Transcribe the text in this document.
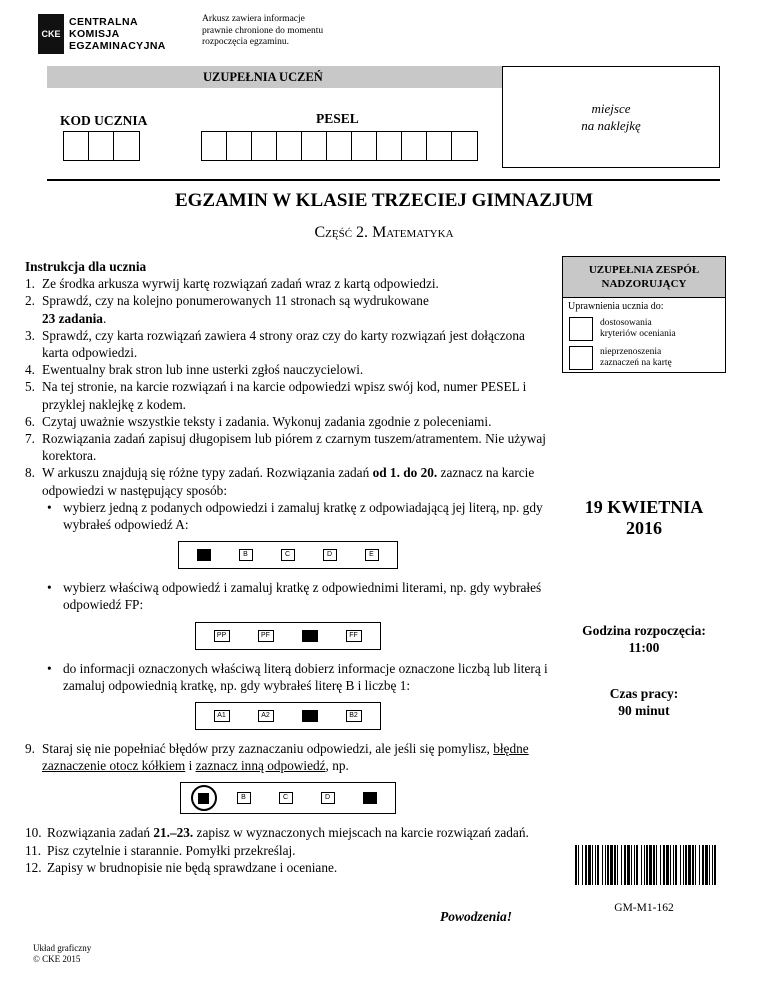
CKE
CENTRALNA
KOMISJA
EGZAMINACYJNA
Arkusz zawiera informacje
prawnie chronione do momentu
rozpoczęcia egzaminu.
UZUPEŁNIA UCZEŃ
miejsce
na naklejkę
KOD UCZNIA	PESEL
EGZAMIN W KLASIE TRZECIEJ GIMNAZJUM
Część 2. Matematyka
Instrukcja dla ucznia
1. Ze środka arkusza wyrwij kartę rozwiązań zadań wraz z kartą odpowiedzi.
2. Sprawdź, czy na kolejno ponumerowanych 11 stronach są wydrukowane
23 zadania.
3. Sprawdź, czy karta rozwiązań zawiera 4 strony oraz czy do karty rozwiązań jest dołączona karta odpowiedzi.
4. Ewentualny brak stron lub inne usterki zgłoś nauczycielowi.
5. Na tej stronie, na karcie rozwiązań i na karcie odpowiedzi wpisz swój kod, numer PESEL i przyklej naklejkę z kodem.
6. Czytaj uważnie wszystkie teksty i zadania. Wykonuj zadania zgodnie z poleceniami.
7. Rozwiązania zadań zapisuj długopisem lub piórem z czarnym tuszem/atramentem. Nie używaj korektora.
8. W arkuszu znajdują się różne typy zadań. Rozwiązania zadań od 1. do 20. zaznacz na karcie odpowiedzi w następujący sposób:
• wybierz jedną z podanych odpowiedzi i zamaluj kratkę z odpowiadającą jej literą, np. gdy wybrałeś odpowiedź A:
B	C	D	E
• wybierz właściwą odpowiedź i zamaluj kratkę z odpowiednimi literami, np. gdy wybrałeś odpowiedź FP:
PP	PF	FF
• do informacji oznaczonych właściwą literą dobierz informacje oznaczone liczbą lub literą i zamaluj odpowiednią kratkę, np. gdy wybrałeś literę B i liczbę 1:
A1	A2	B2
9. Staraj się nie popełniać błędów przy zaznaczaniu odpowiedzi, ale jeśli się pomylisz, błędne zaznaczenie otocz kółkiem i zaznacz inną odpowiedź, np.
B	C	D
10. Rozwiązania zadań 21.–23. zapisz w wyznaczonych miejscach na karcie rozwiązań zadań.
11. Pisz czytelnie i starannie. Pomyłki przekreślaj.
12. Zapisy w brudnopisie nie będą sprawdzane i oceniane.
Powodzenia!
Układ graficzny
© CKE 2015
UZUPEŁNIA ZESPÓŁ
NADZORUJĄCY
Uprawnienia ucznia do:
dostosowania
kryteriów oceniania
nieprzenoszenia
zaznaczeń na kartę
19 KWIETNIA
2016
Godzina rozpoczęcia:
11:00
Czas pracy:
90 minut
GM-M1-162
